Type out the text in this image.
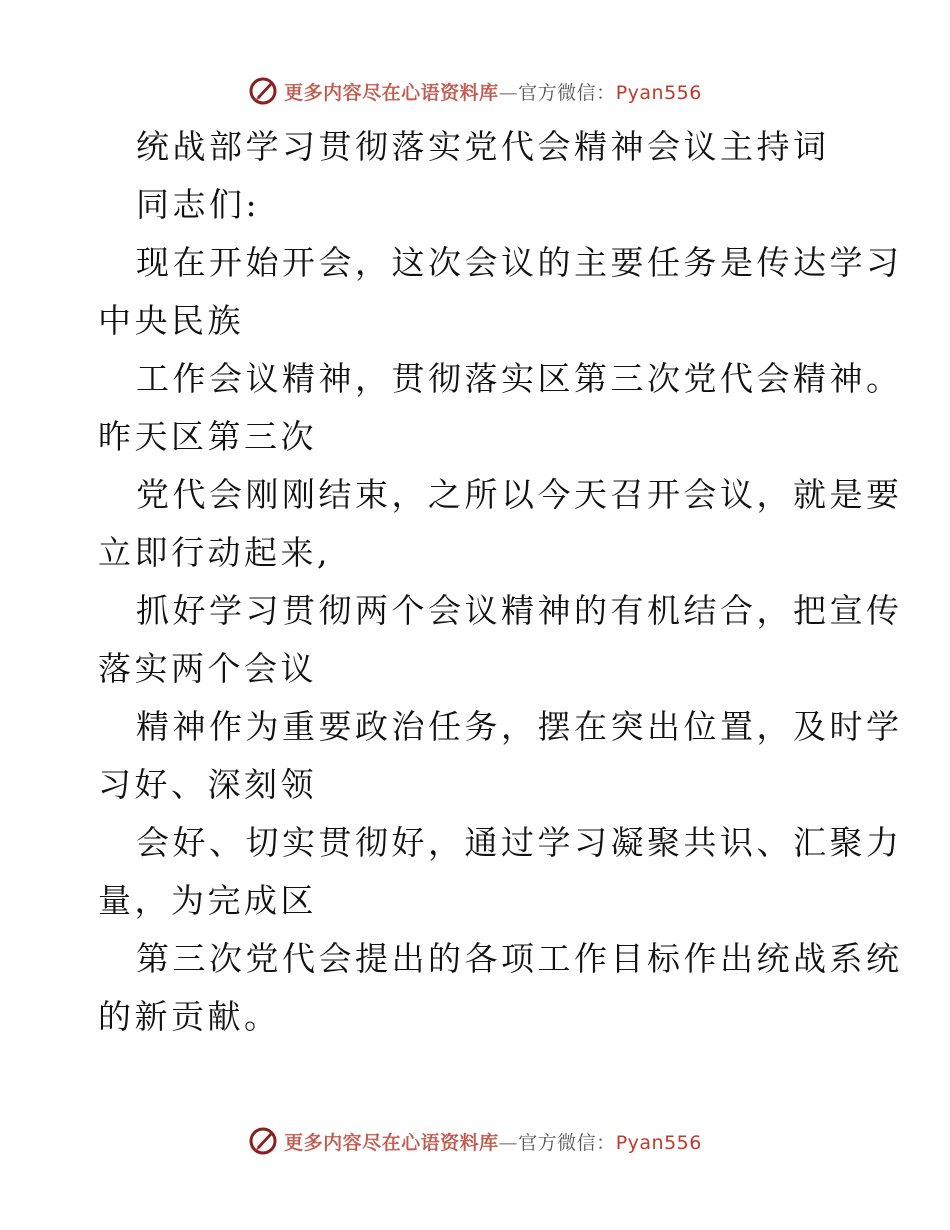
更多内容尽在心语资料库—官方微信：Pyan556
统战部学习贯彻落实党代会精神会议主持词
同志们:
现在开始开会，这次会议的主要任务是传达学习
中央民族
工作会议精神，贯彻落实区第三次党代会精神。
昨天区第三次
党代会刚刚结束，之所以今天召开会议，就是要
立即行动起来,
抓好学习贯彻两个会议精神的有机结合，把宣传
落实两个会议
精神作为重要政治任务，摆在突出位置，及时学
习好、深刻领
会好、切实贯彻好，通过学习凝聚共识、汇聚力
量，为完成区
第三次党代会提出的各项工作目标作出统战系统
的新贡献。
更多内容尽在心语资料库—官方微信：Pyan556
